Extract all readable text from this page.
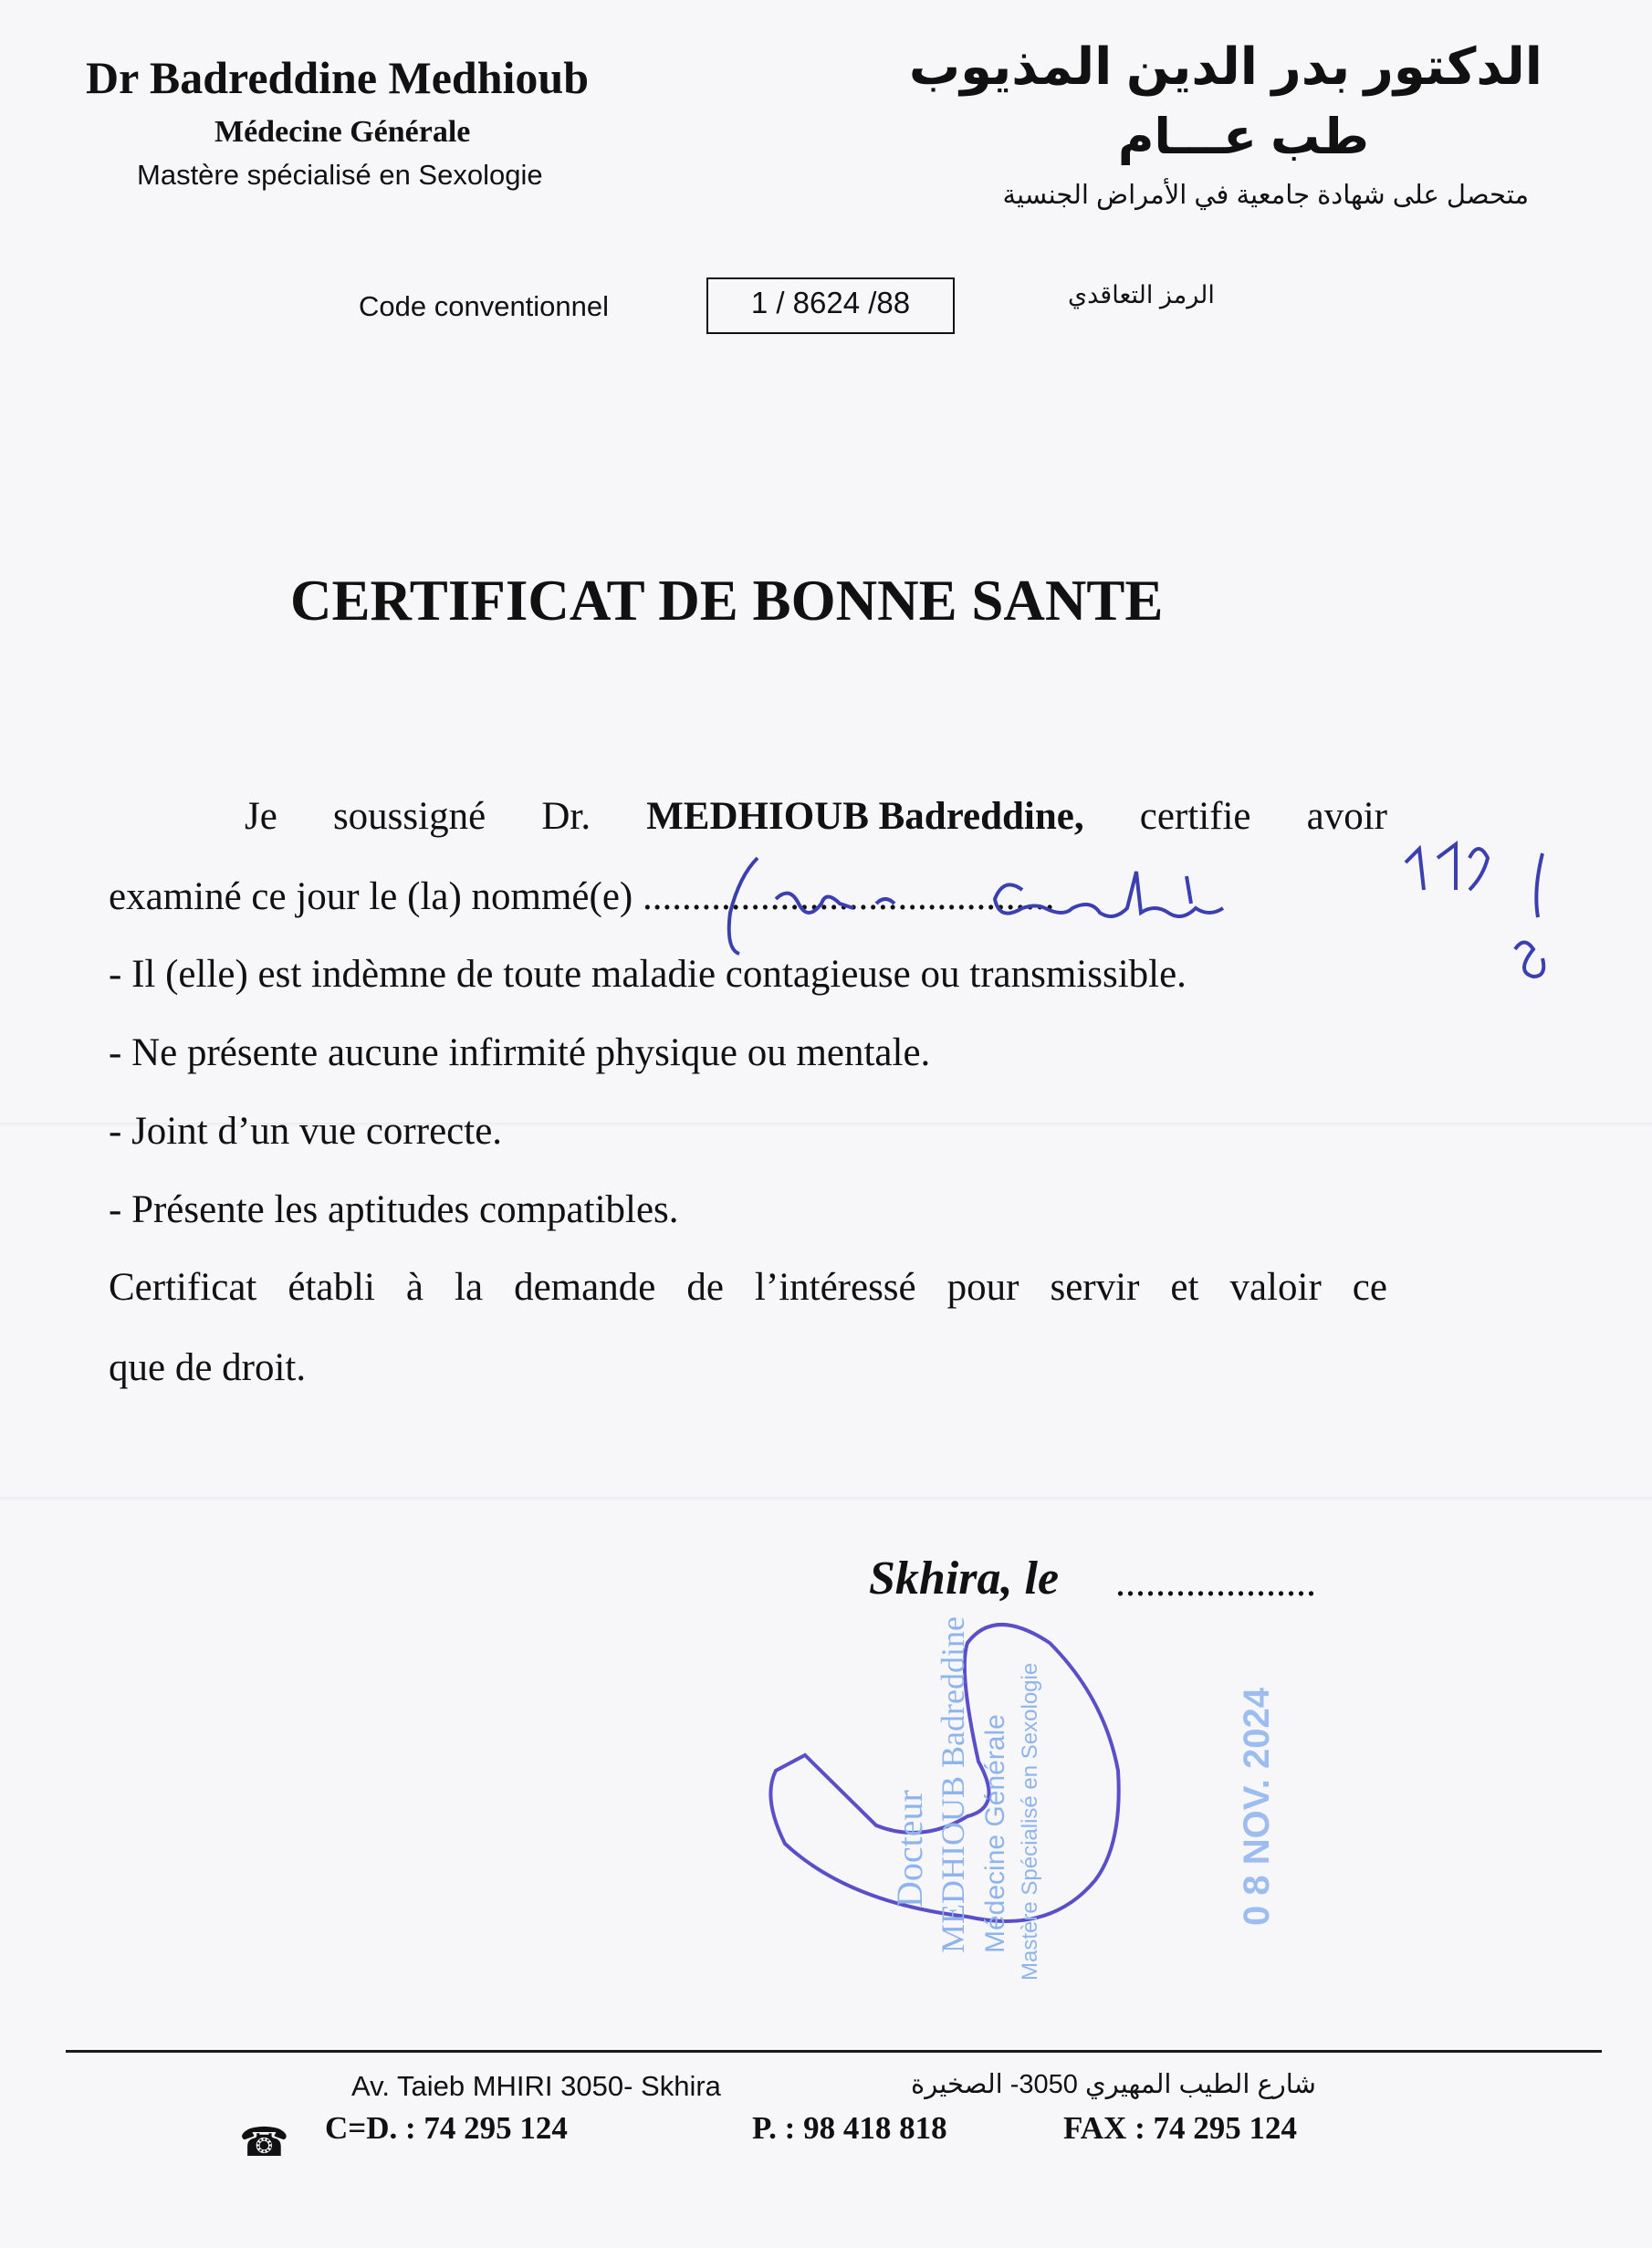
Dr Badreddine Medhioub
Médecine Générale
Mastère spécialisé en Sexologie
الدكتور بدر الدين المذيوب
طب عـــام
متحصل على شهادة جامعية في الأمراض الجنسية
Code conventionnel	1 / 8624 /88	الرمز التعاقدي
CERTIFICAT DE BONNE SANTE
Je soussigné Dr. MEDHIOUB Badreddine, certifie avoir
examiné ce jour le (la) nommé(e) ..........................................
- Il (elle) est indèmne de toute maladie contagieuse ou transmissible.
- Ne présente aucune infirmité physique ou mentale.
- Joint d’un vue correcte.
- Présente les aptitudes compatibles.
Certificat établi à la demande de l’intéressé pour servir et valoir ce
que de droit.
Skhira, le ....................
Docteur MEDHIOUB Badreddine Médecine Générale Mastère Spécialisé en Sexologie	0 8 NOV. 2024
Av. Taieb MHIRI 3050- Skhira	شارع الطيب المهيري 3050- الصخيرة
☎ C=D. : 74 295 124	P. : 98 418 818	FAX : 74 295 124
